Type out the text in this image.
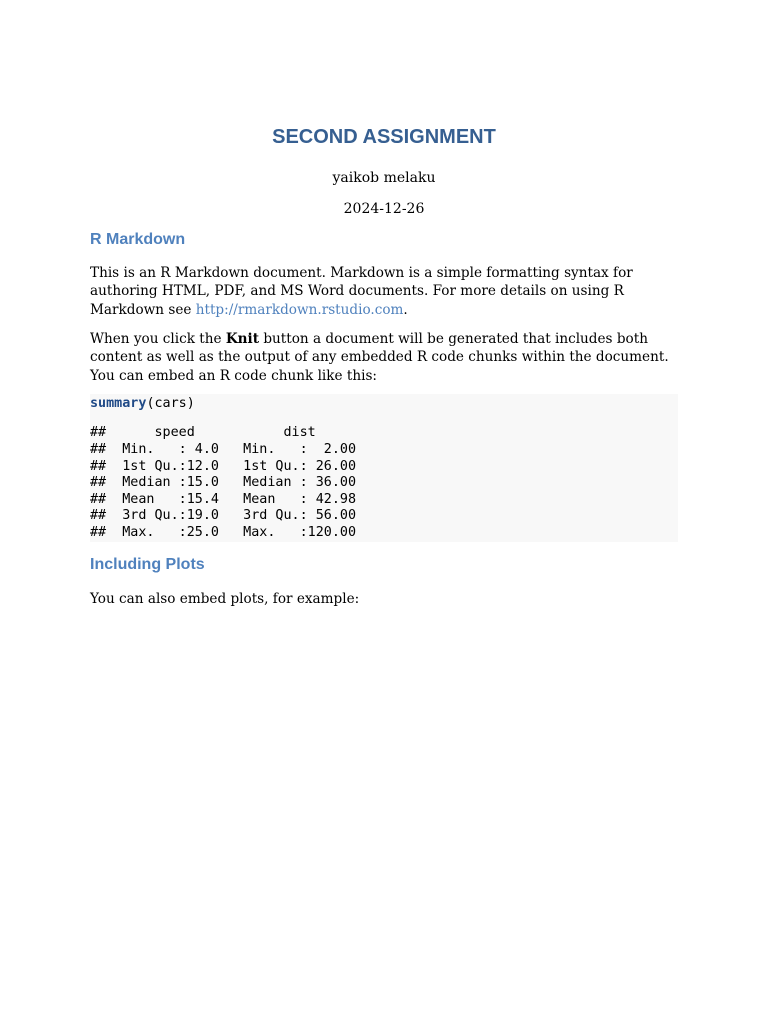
SECOND ASSIGNMENT
yaikob melaku
2024-12-26
R Markdown

This is an R Markdown document. Markdown is a simple formatting syntax for authoring HTML, PDF, and MS Word documents. For more details on using R Markdown see http://rmarkdown.rstudio.com.

When you click the Knit button a document will be generated that includes both content as well as the output of any embedded R code chunks within the document. You can embed an R code chunk like this:

summary(cars)
##      speed           dist
##  Min.   : 4.0   Min.   :  2.00
##  1st Qu.:12.0   1st Qu.: 26.00
##  Median :15.0   Median : 36.00
##  Mean   :15.4   Mean   : 42.98
##  3rd Qu.:19.0   3rd Qu.: 56.00
##  Max.   :25.0   Max.   :120.00
Including Plots

You can also embed plots, for example:
